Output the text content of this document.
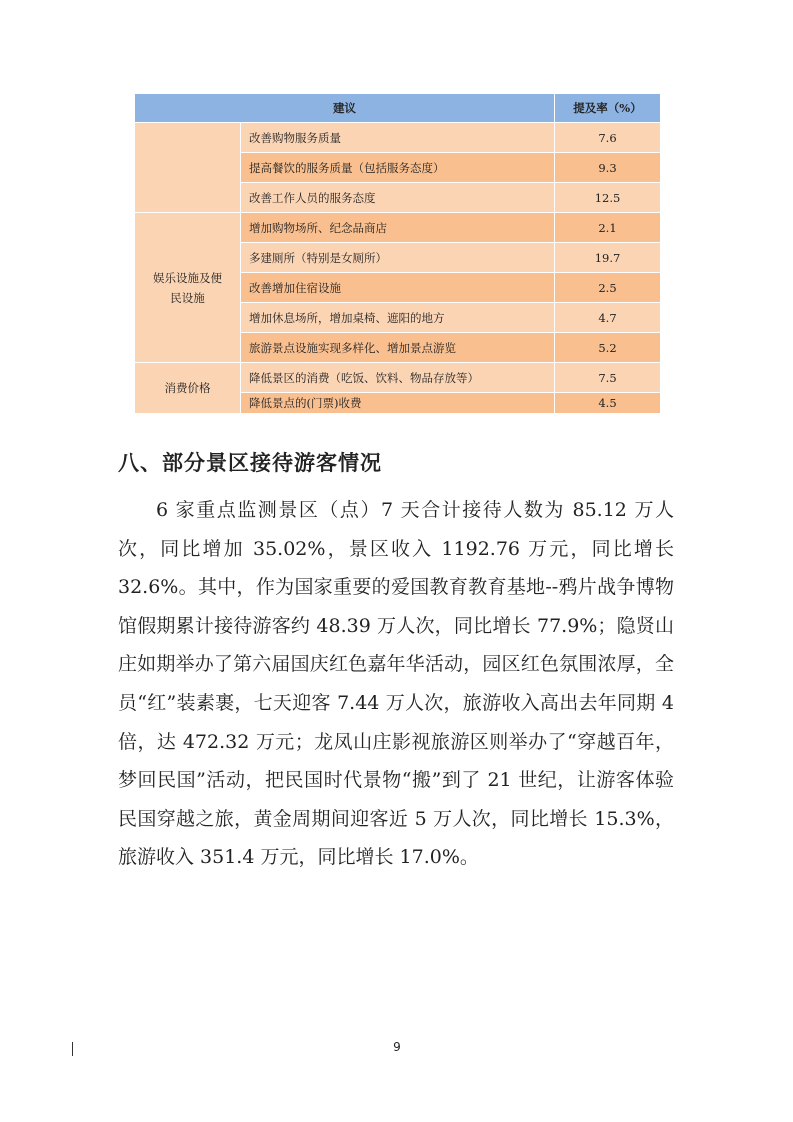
建议		提及率（%）
	改善购物服务质量	7.6
	提高餐饮的服务质量（包括服务态度）	9.3
	改善工作人员的服务态度	12.5

娱乐设施及便民设施	增加购物场所、纪念品商店	2.1
	多建厕所（特别是女厕所）	19.7
	改善增加住宿设施	2.5
	增加休息场所，增加桌椅、遮阳的地方	4.7
	旅游景点设施实现多样化、增加景点游览	5.2
消费价格	降低景区的消费（吃饭、饮料、物品存放等）	7.5
	降低景点的(门票)收费	4.5
八、部分景区接待游客情况

6 家重点监测景区（点）7 天合计接待人数为 85.12 万人次，同比增加 35.02%，景区收入 1192.76 万元，同比增长 32.6%。其中，作为国家重要的爱国教育教育基地--鸦片战争博物馆假期累计接待游客约 48.39 万人次，同比增长 77.9%；隐贤山庄如期举办了第六届国庆红色嘉年华活动，园区红色氛围浓厚，全员“红”装素裹，七天迎客 7.44 万人次，旅游收入高出去年同期 4 倍，达 472.32 万元；龙凤山庄影视旅游区则举办了“穿越百年，梦回民国”活动，把民国时代景物“搬”到了 21 世纪，让游客体验民国穿越之旅，黄金周期间迎客近 5 万人次，同比增长 15.3%，旅游收入 351.4 万元，同比增长 17.0%。

9
